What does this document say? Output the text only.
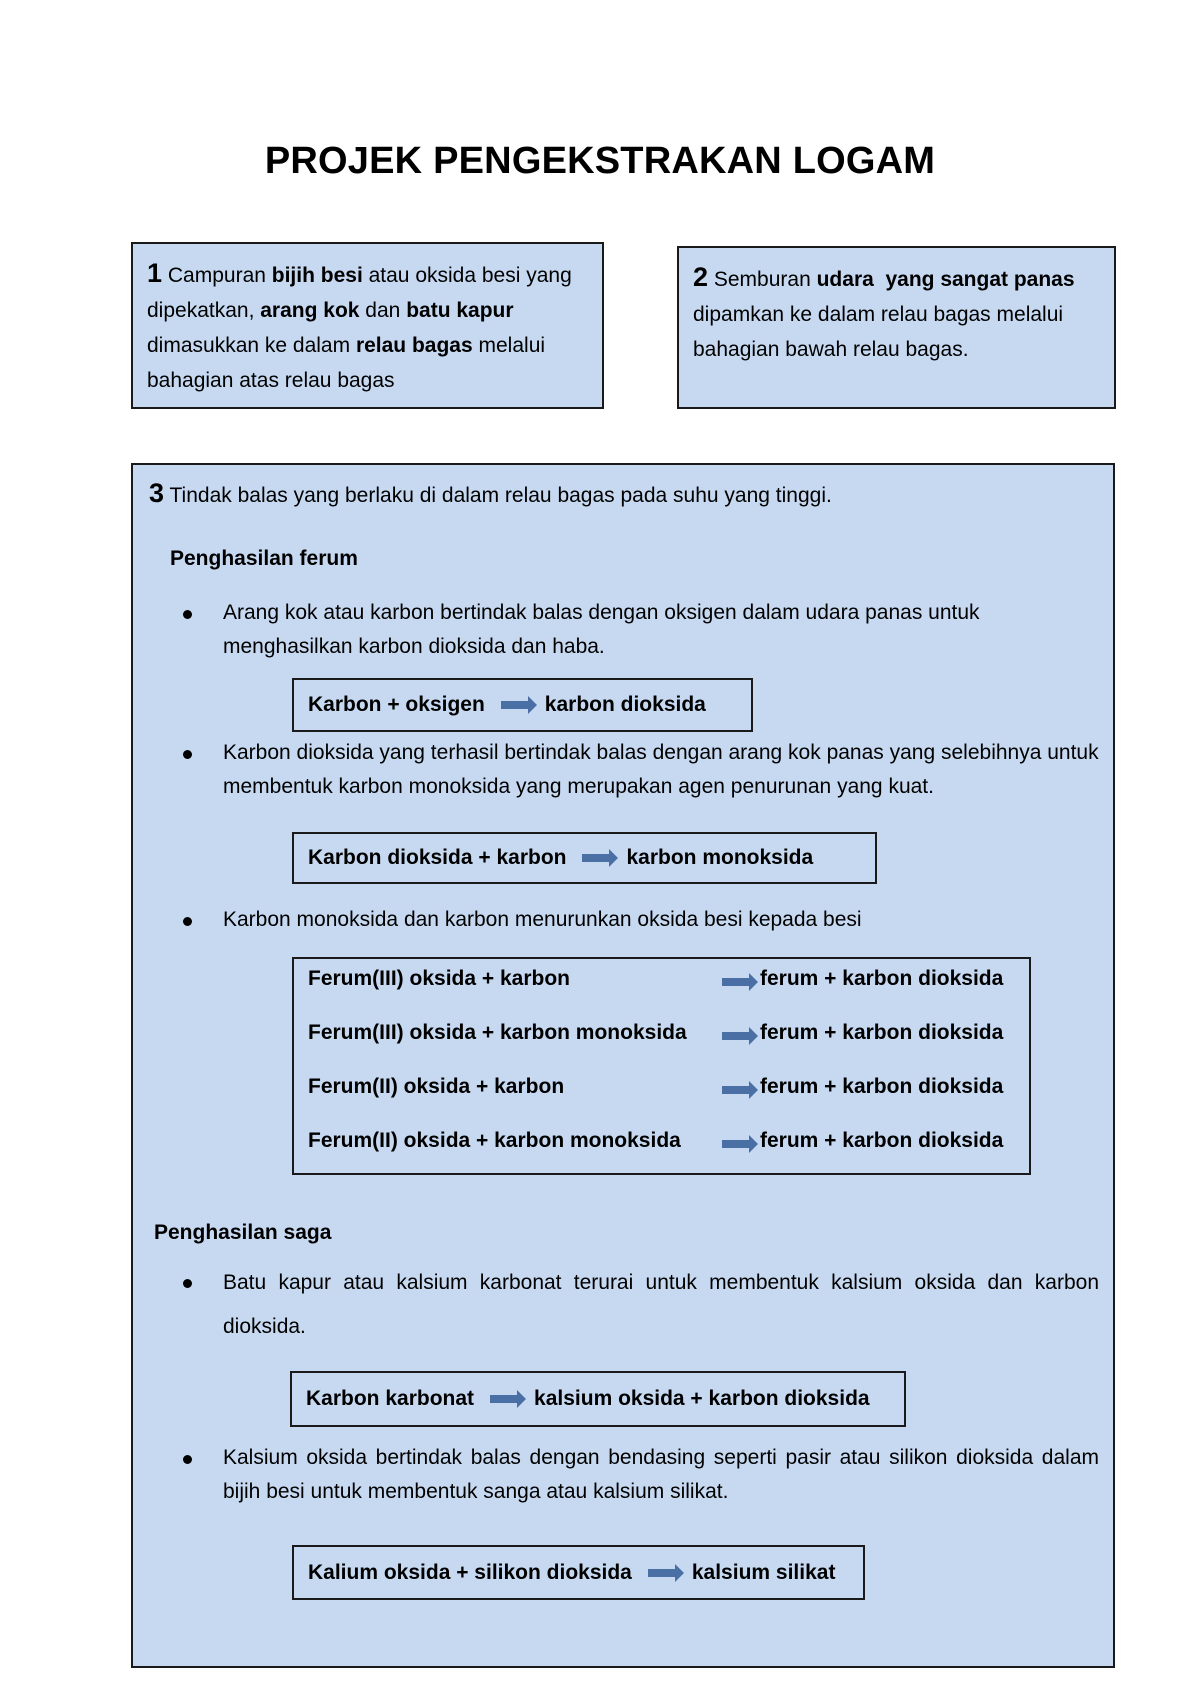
PROJEK PENGEKSTRAKAN LOGAM

1 Campuran bijih besi atau oksida besi yang dipekatkan, arang kok dan batu kapur dimasukkan ke dalam relau bagas melalui bahagian atas relau bagas

2 Semburan udara yang sangat panas dipamkan ke dalam relau bagas melalui bahagian bawah relau bagas.

3 Tindak balas yang berlaku di dalam relau bagas pada suhu yang tinggi.
Penghasilan ferum
Arang kok atau karbon bertindak balas dengan oksigen dalam udara panas untuk menghasilkan karbon dioksida dan haba.
Karbon + oksigen	karbon dioksida
Karbon dioksida yang terhasil bertindak balas dengan arang kok panas yang selebihnya untuk membentuk karbon monoksida yang merupakan agen penurunan yang kuat.
Karbon dioksida + karbon	karbon monoksida
Karbon monoksida dan karbon menurunkan oksida besi kepada besi
Ferum(III) oksida + karbon	ferum + karbon dioksida
Ferum(III) oksida + karbon monoksida	ferum + karbon dioksida
Ferum(II) oksida + karbon	ferum + karbon dioksida
Ferum(II) oksida + karbon monoksida	ferum + karbon dioksida
Penghasilan saga
Batu kapur atau kalsium karbonat terurai untuk membentuk kalsium oksida dan karbon dioksida.
Karbon karbonat	kalsium oksida + karbon dioksida
Kalsium oksida bertindak balas dengan bendasing seperti pasir atau silikon dioksida dalam bijih besi untuk membentuk sanga atau kalsium silikat.
Kalium oksida + silikon dioksida	kalsium silikat
